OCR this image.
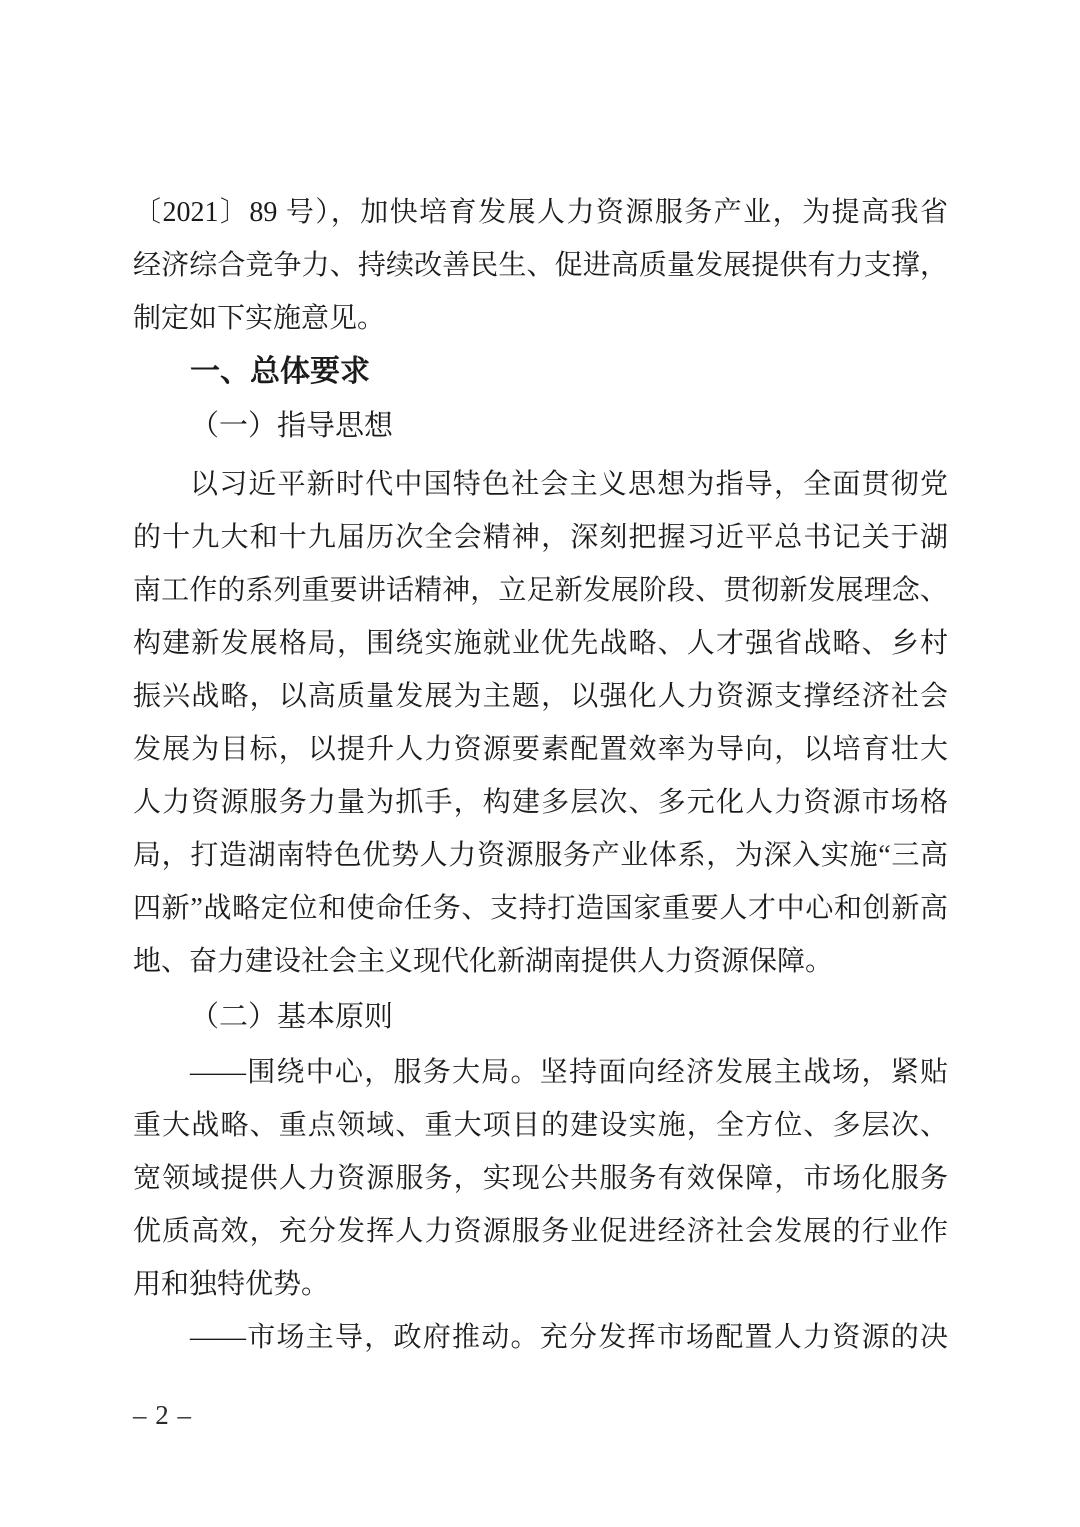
〔2021〕89 号），加快培育发展人力资源服务产业，为提高我省
经济综合竞争力、持续改善民生、促进高质量发展提供有力支撑，
制定如下实施意见。
一、总体要求
（一）指导思想
以习近平新时代中国特色社会主义思想为指导，全面贯彻党
的十九大和十九届历次全会精神，深刻把握习近平总书记关于湖
南工作的系列重要讲话精神，立足新发展阶段、贯彻新发展理念、
构建新发展格局，围绕实施就业优先战略、人才强省战略、乡村
振兴战略，以高质量发展为主题，以强化人力资源支撑经济社会
发展为目标，以提升人力资源要素配置效率为导向，以培育壮大
人力资源服务力量为抓手，构建多层次、多元化人力资源市场格
局，打造湖南特色优势人力资源服务产业体系，为深入实施“三高
四新”战略定位和使命任务、支持打造国家重要人才中心和创新高
地、奋力建设社会主义现代化新湖南提供人力资源保障。
（二）基本原则
——围绕中心，服务大局。坚持面向经济发展主战场，紧贴
重大战略、重点领域、重大项目的建设实施，全方位、多层次、
宽领域提供人力资源服务，实现公共服务有效保障，市场化服务
优质高效，充分发挥人力资源服务业促进经济社会发展的行业作
用和独特优势。
——市场主导，政府推动。充分发挥市场配置人力资源的决
– 2 –
